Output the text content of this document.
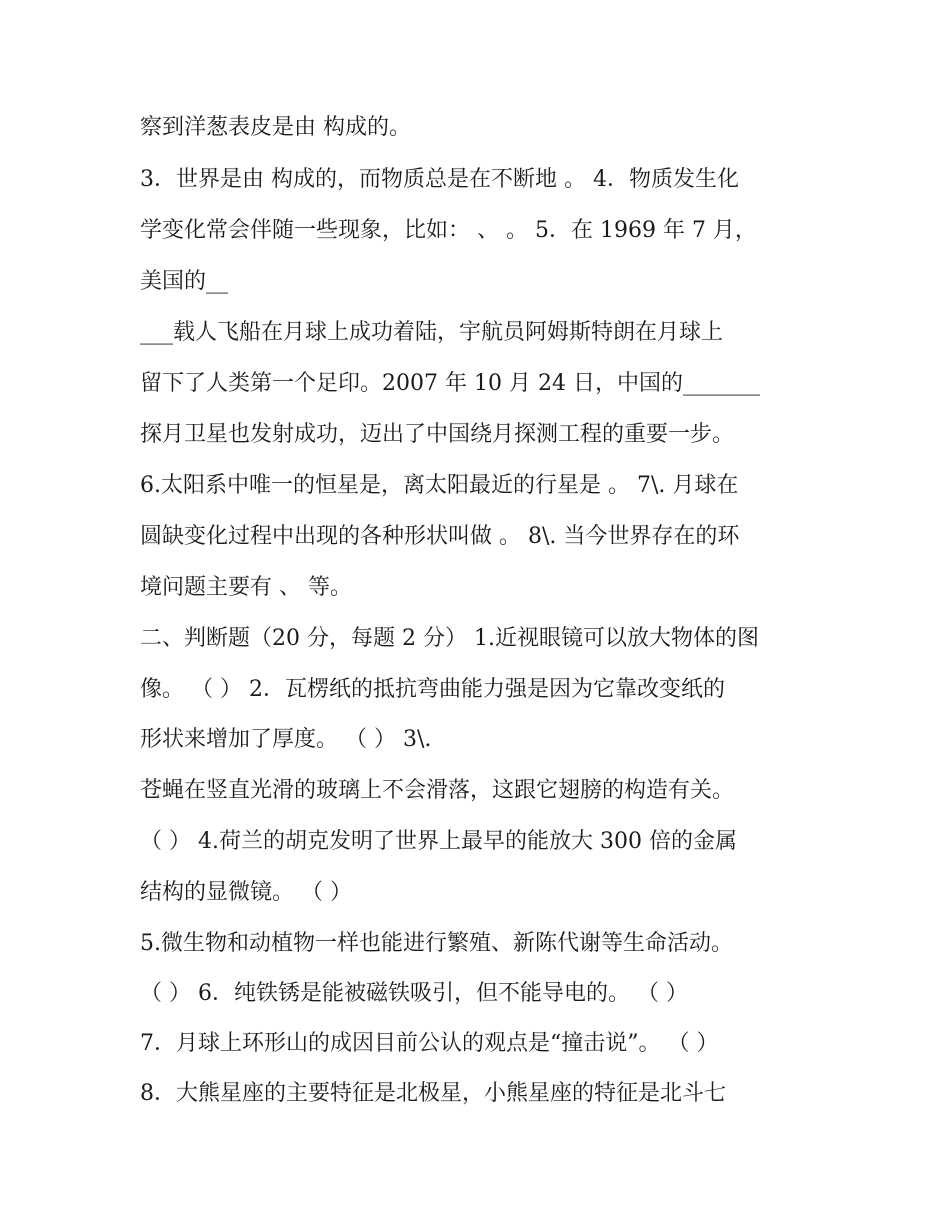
察到洋葱表皮是由 构成的。
3．世界是由 构成的，而物质总是在不断地 。 4．物质发生化
学变化常会伴随一些现象，比如： 、 。 5．在 1969 年 7 月，
美国的__
___载人飞船在月球上成功着陆，宇航员阿姆斯特朗在月球上
留下了人类第一个足印。2007 年 10 月 24 日，中国的_______
探月卫星也发射成功，迈出了中国绕月探测工程的重要一步。
6.太阳系中唯一的恒星是，离太阳最近的行星是 。 7\. 月球在
圆缺变化过程中出现的各种形状叫做 。 8\. 当今世界存在的环
境问题主要有 、 等。
二、判断题（20 分，每题 2 分） 1.近视眼镜可以放大物体的图
像。 （ ） 2．瓦楞纸的抵抗弯曲能力强是因为它靠改变纸的
形状来增加了厚度。 （ ） 3\.
苍蝇在竖直光滑的玻璃上不会滑落，这跟它翅膀的构造有关。
（ ） 4.荷兰的胡克发明了世界上最早的能放大 300 倍的金属
结构的显微镜。 （ ）
5.微生物和动植物一样也能进行繁殖、新陈代谢等生命活动。
（ ） 6．纯铁锈是能被磁铁吸引，但不能导电的。 （ ）
7．月球上环形山的成因目前公认的观点是“撞击说”。 （ ）
8．大熊星座的主要特征是北极星，小熊星座的特征是北斗七
